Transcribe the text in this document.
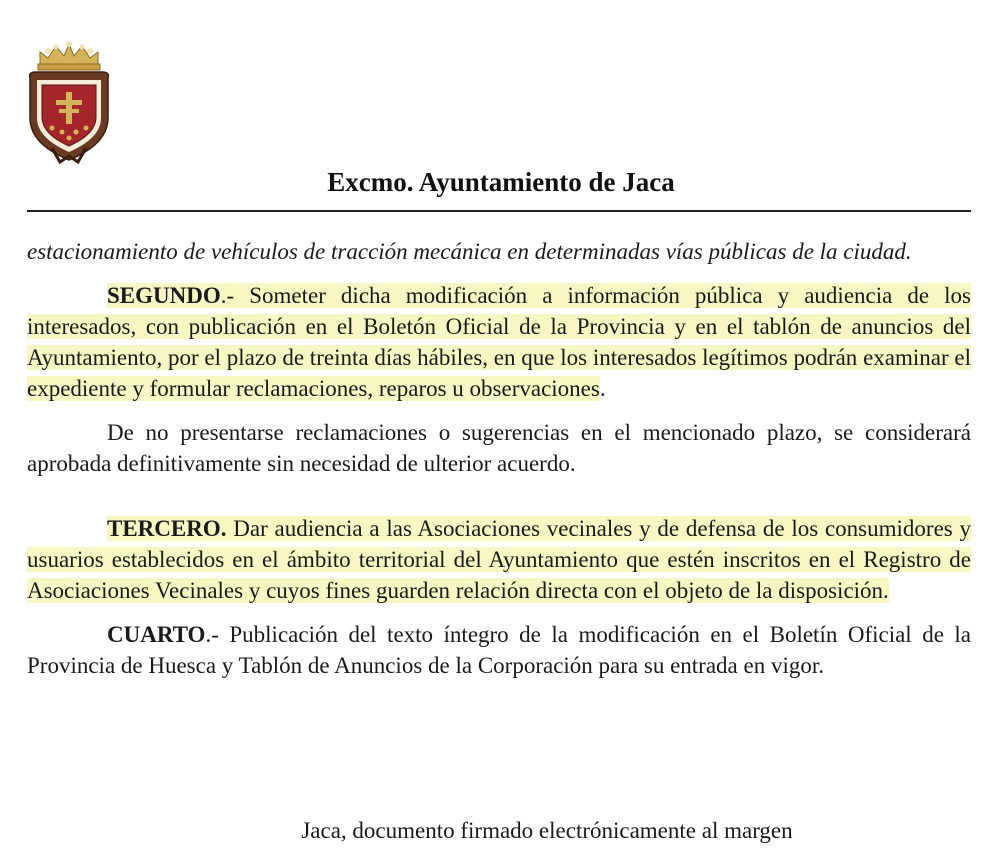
Excmo. Ayuntamiento de Jaca

estacionamiento de vehículos de tracción mecánica en determinadas vías públicas de la ciudad.

SEGUNDO.- Someter dicha modificación a información pública y audiencia de los interesados, con publicación en el Boletón Oficial de la Provincia y en el tablón de anuncios del Ayuntamiento, por el plazo de treinta días hábiles, en que los interesados legítimos podrán examinar el expediente y formular reclamaciones, reparos u observaciones.

De no presentarse reclamaciones o sugerencias en el mencionado plazo, se considerará aprobada definitivamente sin necesidad de ulterior acuerdo.

TERCERO. Dar audiencia a las Asociaciones vecinales y de defensa de los consumidores y usuarios establecidos en el ámbito territorial del Ayuntamiento que estén inscritos en el Registro de Asociaciones Vecinales y cuyos fines guarden relación directa con el objeto de la disposición.

CUARTO.- Publicación del texto íntegro de la modificación en el Boletín Oficial de la Provincia de Huesca y Tablón de Anuncios de la Corporación para su entrada en vigor.

Jaca, documento firmado electrónicamente al margen
